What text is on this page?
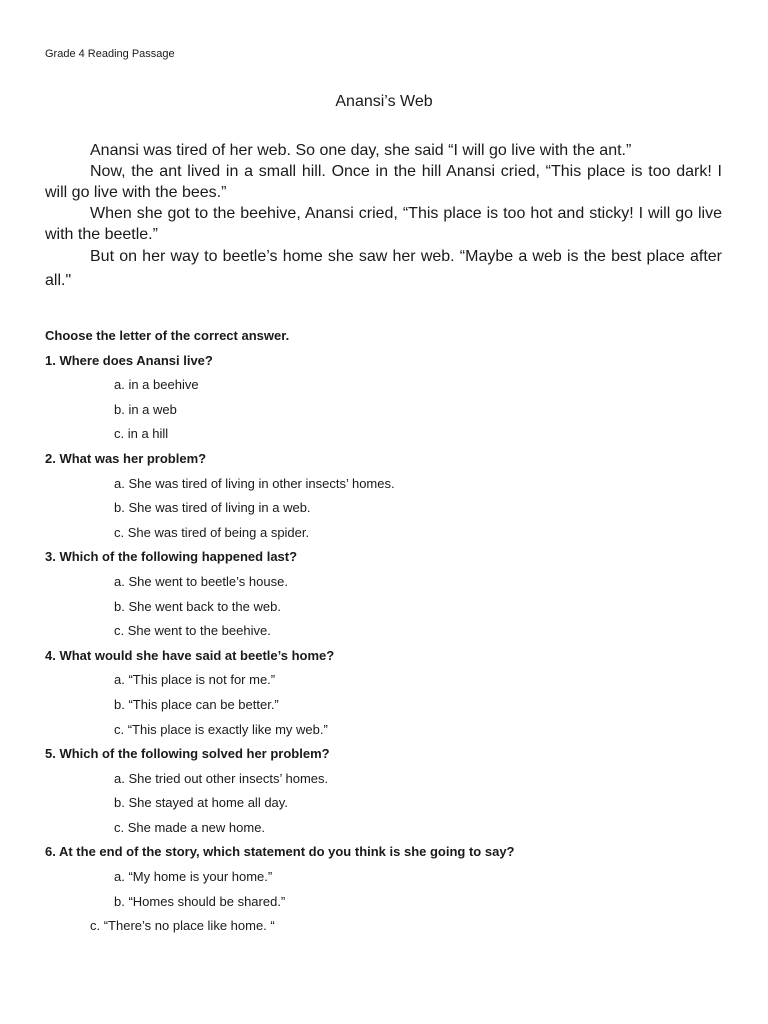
Grade 4 Reading Passage
Anansi’s Web

Anansi was tired of her web. So one day, she said “I will go live with the ant.”

Now, the ant lived in a small hill. Once in the hill Anansi cried, “This place is too dark! I will go live with the bees.”

When she got to the beehive, Anansi cried, “This place is too hot and sticky! I will go live with the beetle.”

But on her way to beetle’s home she saw her web. “Maybe a web is the best place after all."

Choose the letter of the correct answer.
1. Where does Anansi live?
a. in a beehive
b. in a web
c. in a hill
2. What was her problem?
a. She was tired of living in other insects’ homes.
b. She was tired of living in a web.
c. She was tired of being a spider.
3. Which of the following happened last?
a. She went to beetle’s house.
b. She went back to the web.
c. She went to the beehive.
4. What would she have said at beetle’s home?
a. “This place is not for me.”
b. “This place can be better.”
c. “This place is exactly like my web.”
5. Which of the following solved her problem?
a. She tried out other insects’ homes.
b. She stayed at home all day.
c. She made a new home.
6. At the end of the story, which statement do you think is she going to say?
a. “My home is your home.”
b. “Homes should be shared.”
c. “There’s no place like home. “
